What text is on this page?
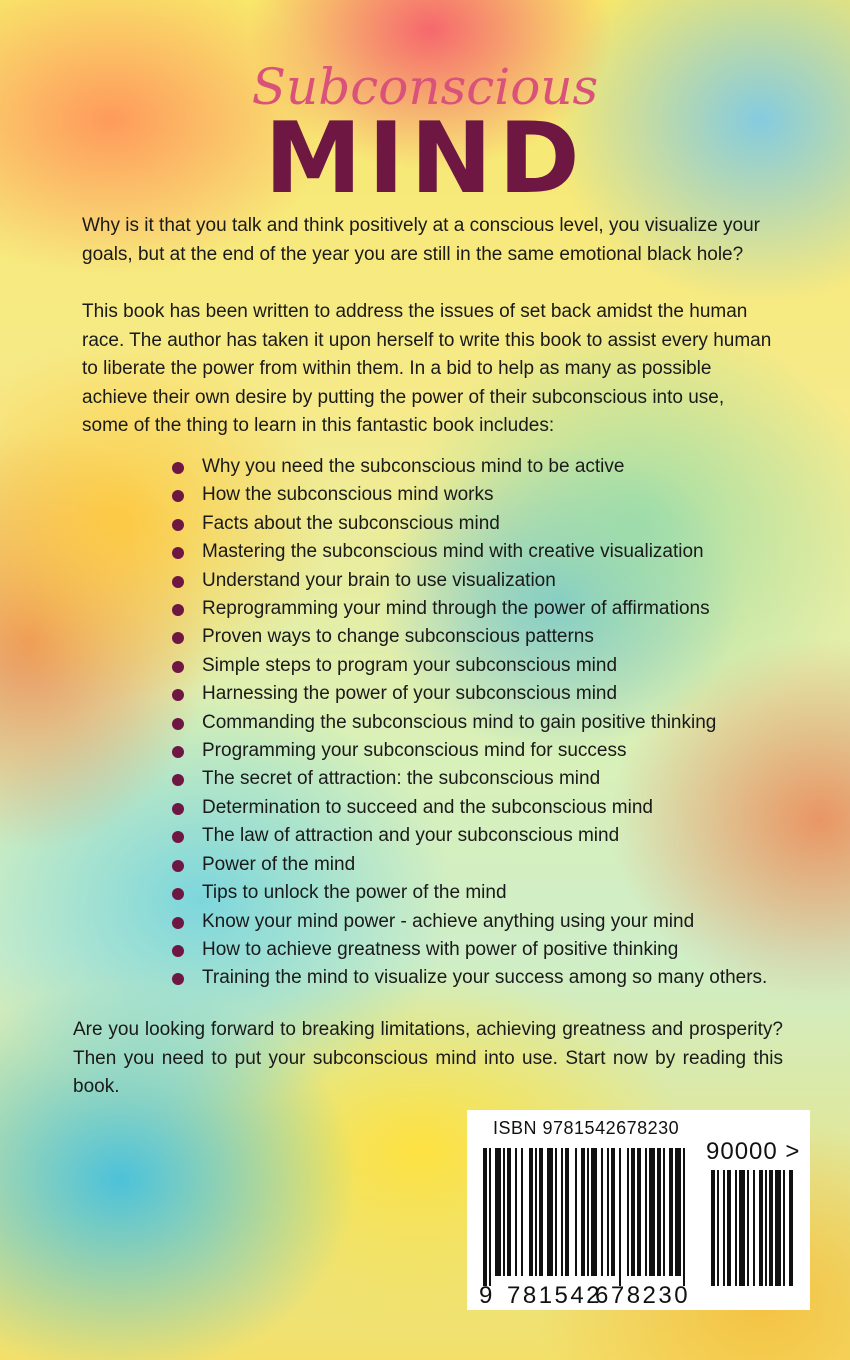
Subconscious
MIND
Why is it that you talk and think positively at a conscious level, you visualize your goals, but at the end of the year you are still in the same emotional black hole?
This book has been written to address the issues of set back amidst the human race. The author has taken it upon herself to write this book to assist every human to liberate the power from within them. In a bid to help as many as possible achieve their own desire by putting the power of their subconscious into use, some of the thing to learn in this fantastic book includes:
Why you need the subconscious mind to be active
How the subconscious mind works
Facts about the subconscious mind
Mastering the subconscious mind with creative visualization
Understand your brain to use visualization
Reprogramming your mind through the power of affirmations
Proven ways to change subconscious patterns
Simple steps to program your subconscious mind
Harnessing the power of your subconscious mind
Commanding the subconscious mind to gain positive thinking
Programming your subconscious mind for success
The secret of attraction: the subconscious mind
Determination to succeed and the subconscious mind
The law of attraction and your subconscious mind
Power of the mind
Tips to unlock the power of the mind
Know your mind power - achieve anything using your mind
How to achieve greatness with power of positive thinking
Training the mind to visualize your success among so many others.
Are you looking forward to breaking limitations, achieving greatness and prosperity? Then you need to put your subconscious mind into use. Start now by reading this book.
ISBN 9781542678230
90000 >
9 781542
678230
